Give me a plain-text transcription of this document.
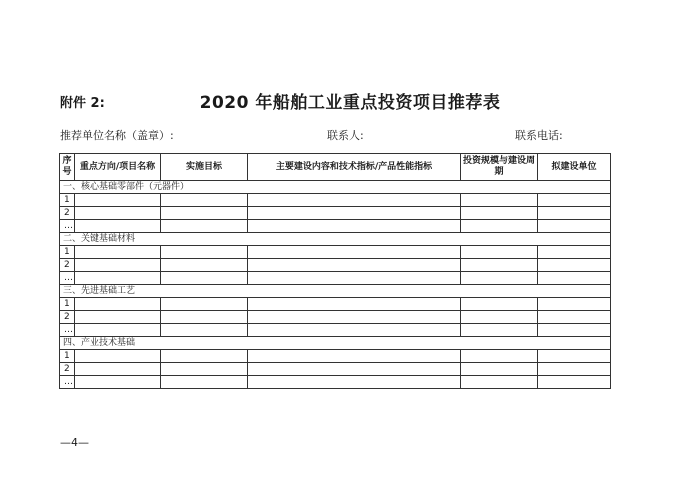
附件 2:	2020 年船舶工业重点投资项目推荐表
推荐单位名称（盖章）:	联系人:	联系电话:
序号	重点方向/项目名称	实施目标	主要建设内容和技术指标/产品性能指标	投资规模与建设周期	拟建设单位
一、核心基础零部件（元器件）					
1					
2					
…					
二、关键基础材料					
1					
2					
…					
三、先进基础工艺					
1					
2					
…					
四、产业技术基础					
1					
2					
…					
—4—
